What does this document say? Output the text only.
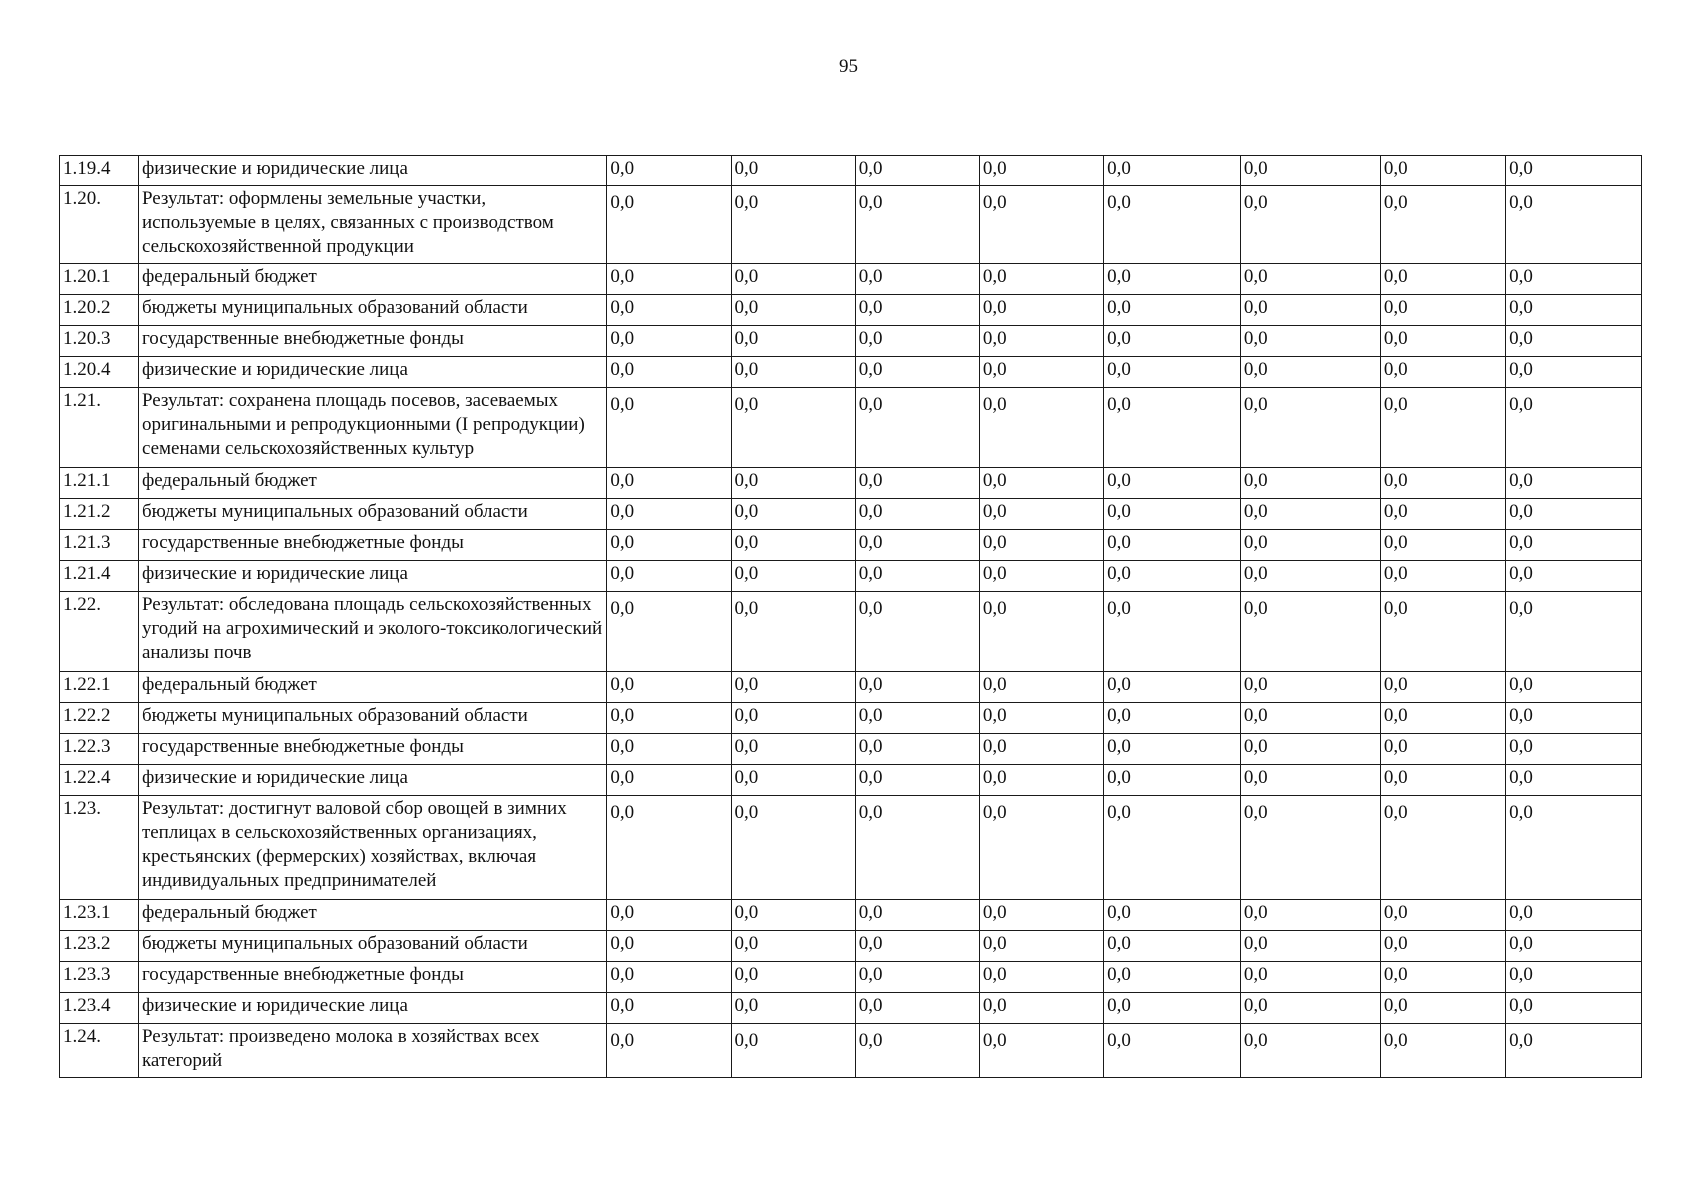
95
1.19.4	физические и юридические лица	0,0	0,0	0,0	0,0	0,0	0,0	0,0	0,0
1.20.	Результат: оформлены земельные участки, используемые в целях, связанных с производством сельскохозяйственной продукции	0,0	0,0	0,0	0,0	0,0	0,0	0,0	0,0
1.20.1	федеральный бюджет	0,0	0,0	0,0	0,0	0,0	0,0	0,0	0,0
1.20.2	бюджеты муниципальных образований области	0,0	0,0	0,0	0,0	0,0	0,0	0,0	0,0
1.20.3	государственные внебюджетные фонды	0,0	0,0	0,0	0,0	0,0	0,0	0,0	0,0
1.20.4	физические и юридические лица	0,0	0,0	0,0	0,0	0,0	0,0	0,0	0,0
1.21.	Результат: сохранена площадь посевов, засеваемых оригинальными и репродукционными (I репродукции) семенами сельскохозяйственных культур	0,0	0,0	0,0	0,0	0,0	0,0	0,0	0,0
1.21.1	федеральный бюджет	0,0	0,0	0,0	0,0	0,0	0,0	0,0	0,0
1.21.2	бюджеты муниципальных образований области	0,0	0,0	0,0	0,0	0,0	0,0	0,0	0,0
1.21.3	государственные внебюджетные фонды	0,0	0,0	0,0	0,0	0,0	0,0	0,0	0,0
1.21.4	физические и юридические лица	0,0	0,0	0,0	0,0	0,0	0,0	0,0	0,0
1.22.	Результат: обследована площадь сельскохозяйственных угодий на агрохимический и эколого-токсикологический анализы почв	0,0	0,0	0,0	0,0	0,0	0,0	0,0	0,0
1.22.1	федеральный бюджет	0,0	0,0	0,0	0,0	0,0	0,0	0,0	0,0
1.22.2	бюджеты муниципальных образований области	0,0	0,0	0,0	0,0	0,0	0,0	0,0	0,0
1.22.3	государственные внебюджетные фонды	0,0	0,0	0,0	0,0	0,0	0,0	0,0	0,0
1.22.4	физические и юридические лица	0,0	0,0	0,0	0,0	0,0	0,0	0,0	0,0
1.23.	Результат: достигнут валовой сбор овощей в зимних теплицах в сельскохозяйственных организациях, крестьянских (фермерских) хозяйствах, включая индивидуальных предпринимателей	0,0	0,0	0,0	0,0	0,0	0,0	0,0	0,0
1.23.1	федеральный бюджет	0,0	0,0	0,0	0,0	0,0	0,0	0,0	0,0
1.23.2	бюджеты муниципальных образований области	0,0	0,0	0,0	0,0	0,0	0,0	0,0	0,0
1.23.3	государственные внебюджетные фонды	0,0	0,0	0,0	0,0	0,0	0,0	0,0	0,0
1.23.4	физические и юридические лица	0,0	0,0	0,0	0,0	0,0	0,0	0,0	0,0
1.24.	Результат: произведено молока в хозяйствах всех категорий	0,0	0,0	0,0	0,0	0,0	0,0	0,0	0,0
